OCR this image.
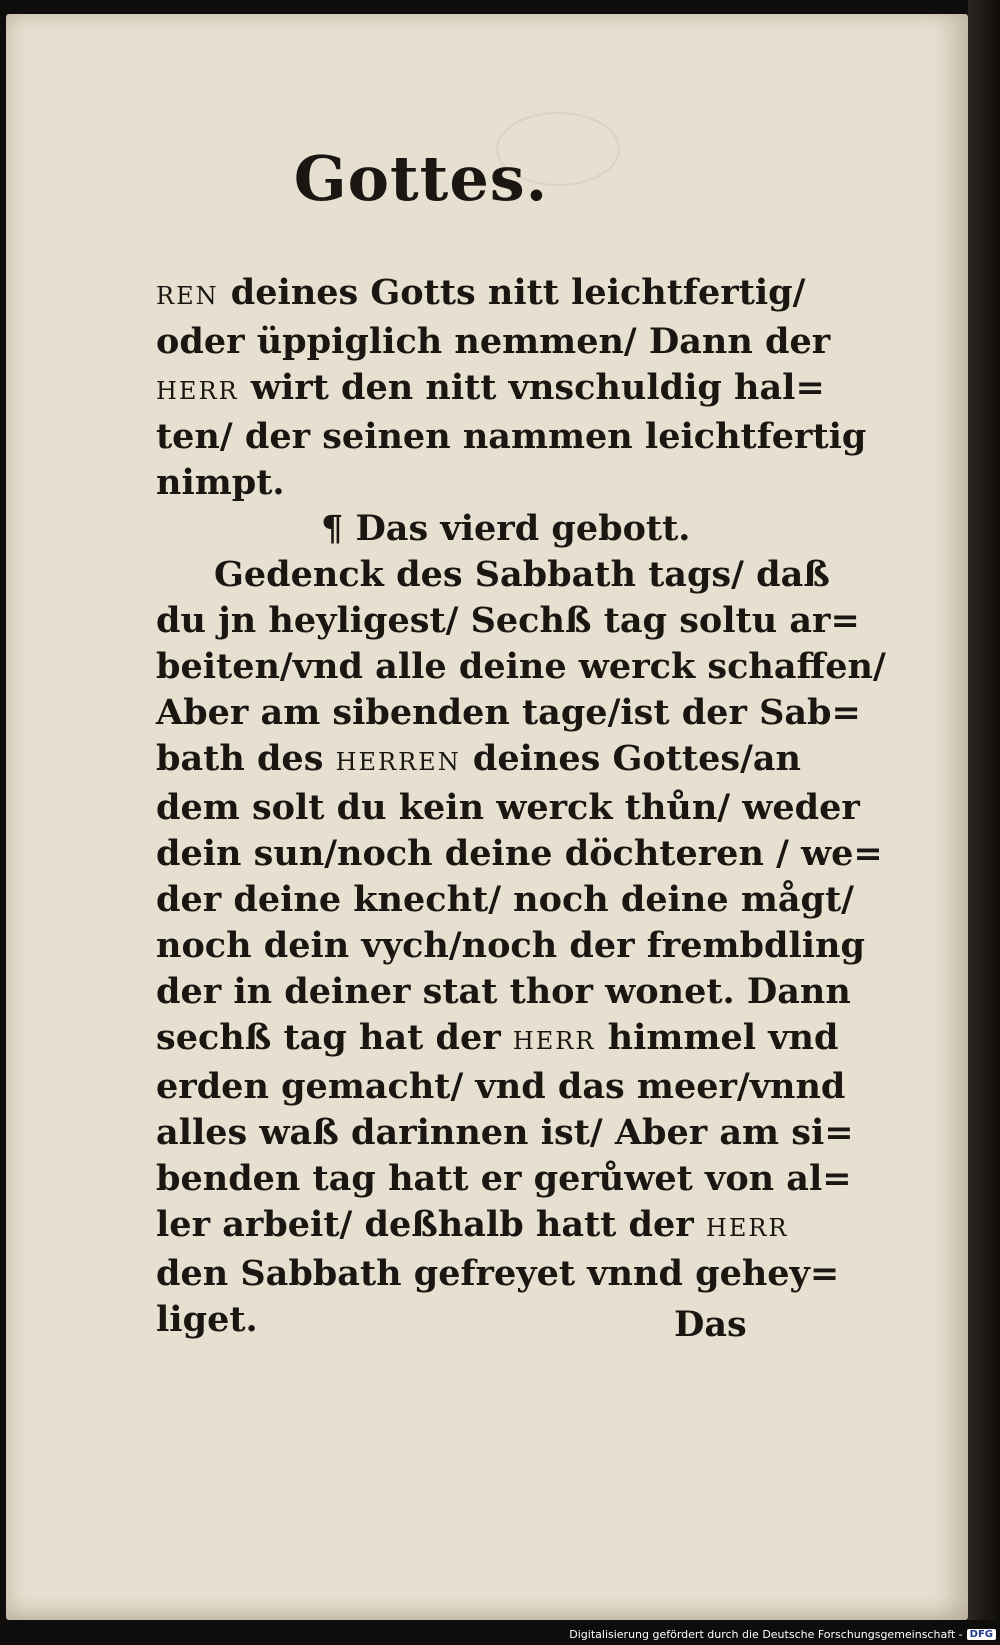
Gottes.
REN deines Gotts nitt leichtfertig/
oder üppiglich nemmen/ Dann der
HERR wirt den nitt vnschuldig hal=
ten/ der seinen nammen leichtfertig
nimpt.
¶ Das vierd gebott.
Gedenck des Sabbath tags/ daß
du jn heyligest/ Sechß tag soltu ar=
beiten/vnd alle deine werck schaffen/
Aber am sibenden tage/ist der Sab=
bath des HERREN deines Gottes/an
dem solt du kein werck thůn/ weder
dein sun/noch deine döchteren / we=
der deine knecht/ noch deine mågt/
noch dein vych/noch der frembdling
der in deiner stat thor wonet. Dann
sechß tag hat der HERR himmel vnd
erden gemacht/ vnd das meer/vnnd
alles waß darinnen ist/ Aber am si=
benden tag hatt er gerůwet von al=
ler arbeit/ deßhalb hatt der HERR
den Sabbath gefreyet vnnd gehey=
liget.	Das
Digitalisierung gefördert durch die Deutsche Forschungsgemeinschaft - DFG
